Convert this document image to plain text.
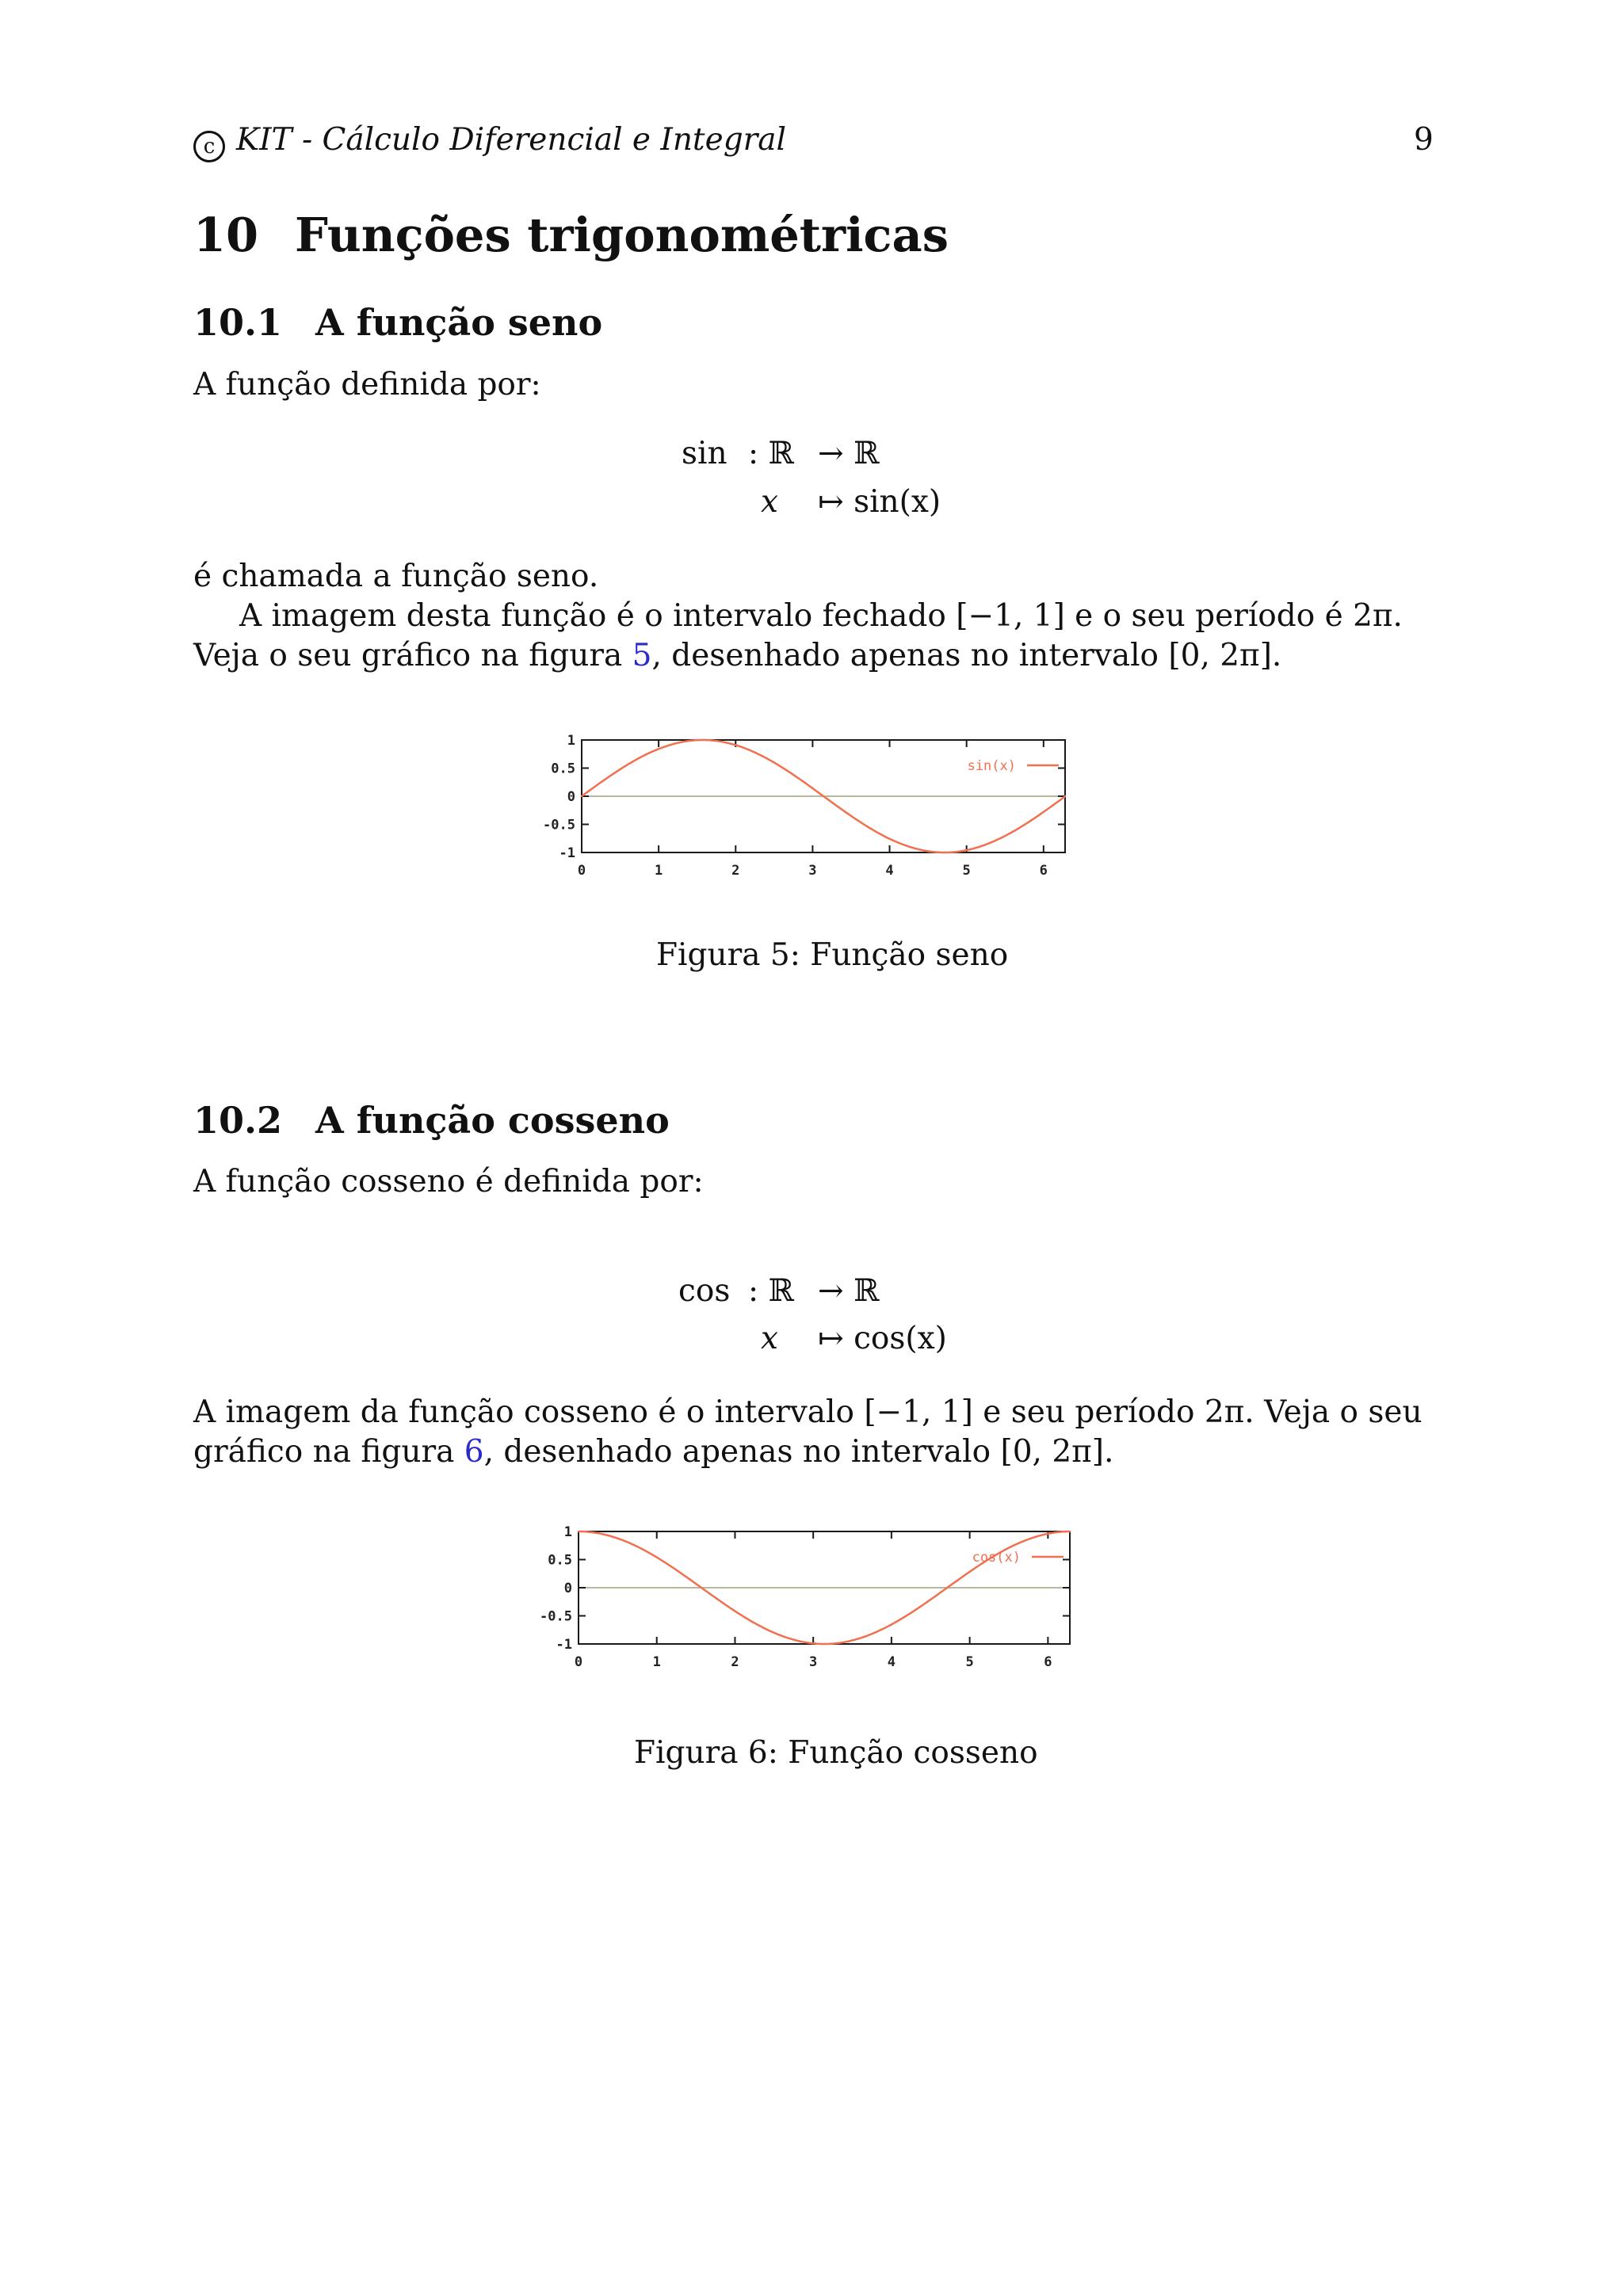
c KIT - Cálculo Diferencial e Integral	9
10 Funções trigonométricas
10.1 A função seno
A função definida por:
sin : ℝ → ℝ
x ↦ sin(x)
é chamada a função seno.
A imagem desta função é o intervalo fechado [−1, 1] e o seu período é 2π. Veja o seu gráfico na figura 5, desenhado apenas no intervalo [0, 2π].
1
0.5
0
-0.5
-1
0	1	2	3	4	5	6
sin(x)
Figura 5: Função seno
10.2 A função cosseno
A função cosseno é definida por:
cos : ℝ → ℝ
x ↦ cos(x)
A imagem da função cosseno é o intervalo [−1, 1] e seu período 2π. Veja o seu gráfico na figura 6, desenhado apenas no intervalo [0, 2π].
1
0.5
0
-0.5
-1
0	1	2	3	4	5	6
cos(x)
Figura 6: Função cosseno
